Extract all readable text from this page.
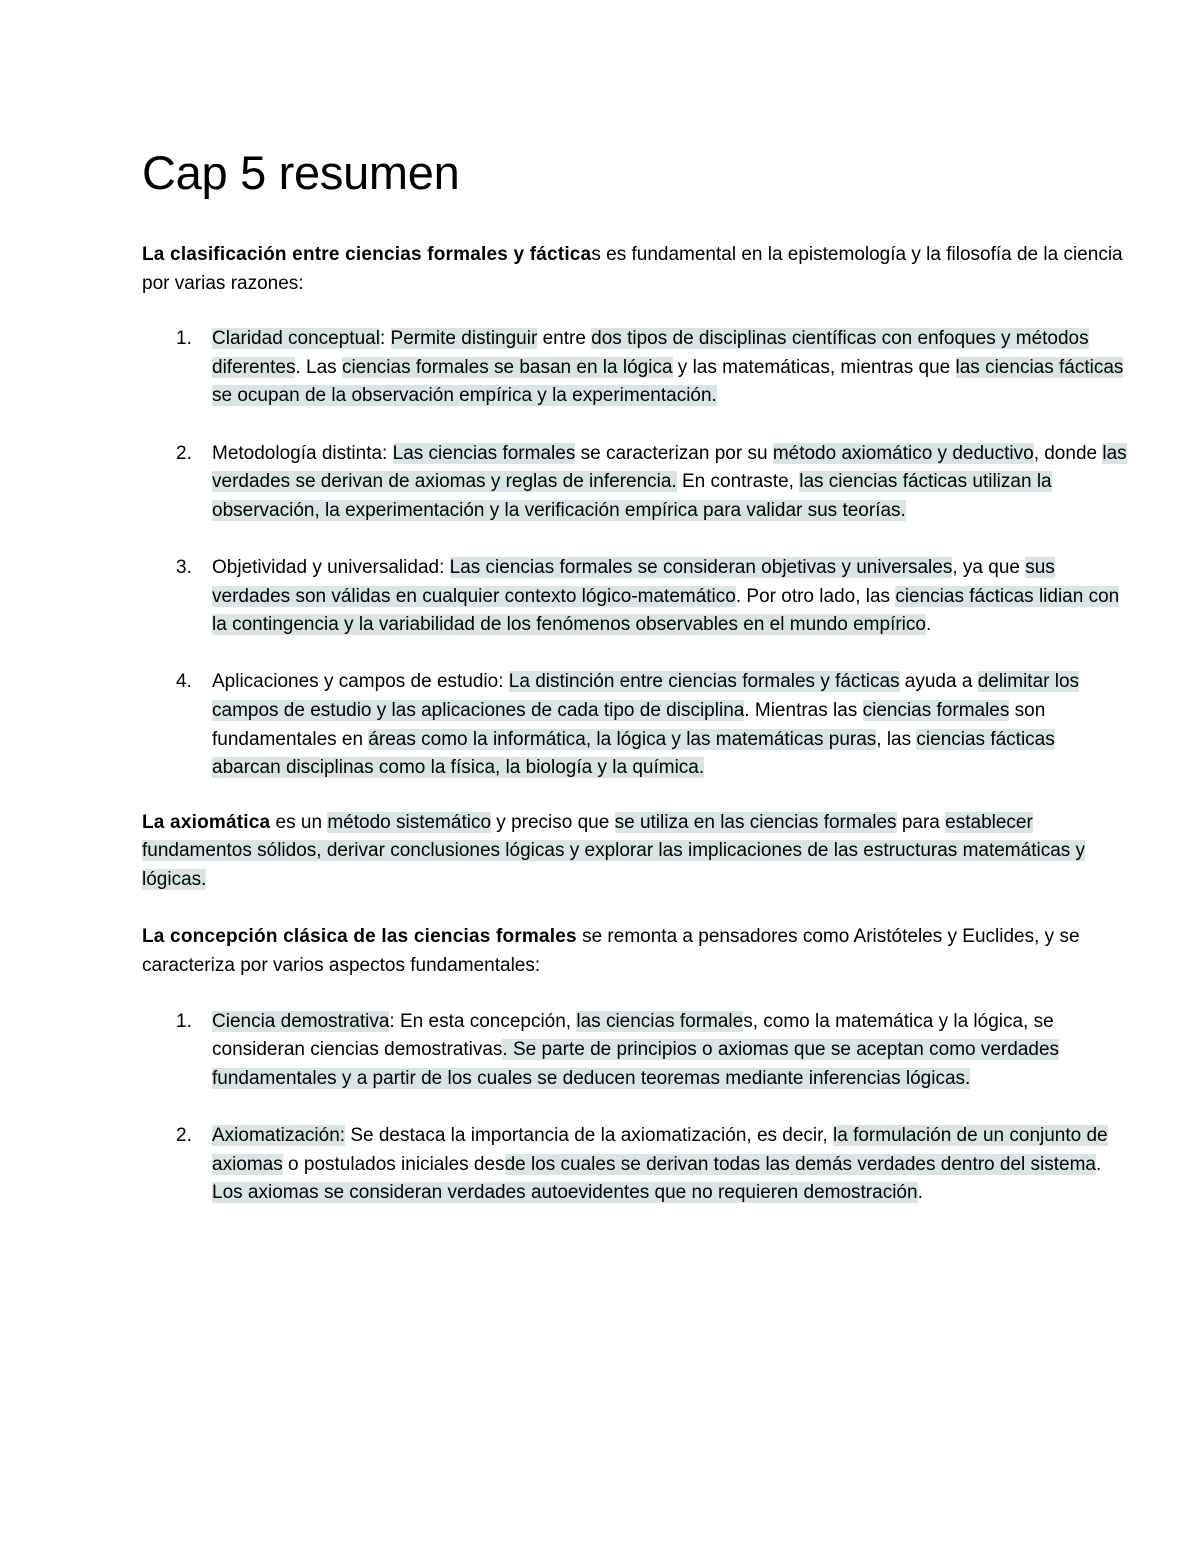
Cap 5 resumen

La clasificación entre ciencias formales y fácticas es fundamental en la epistemología y la filosofía de la ciencia por varias razones:

1. Claridad conceptual: Permite distinguir entre dos tipos de disciplinas científicas con enfoques y métodos diferentes. Las ciencias formales se basan en la lógica y las matemáticas, mientras que las ciencias fácticas se ocupan de la observación empírica y la experimentación.
2. Metodología distinta: Las ciencias formales se caracterizan por su método axiomático y deductivo, donde las verdades se derivan de axiomas y reglas de inferencia. En contraste, las ciencias fácticas utilizan la observación, la experimentación y la verificación empírica para validar sus teorías.
3. Objetividad y universalidad: Las ciencias formales se consideran objetivas y universales, ya que sus verdades son válidas en cualquier contexto lógico-matemático. Por otro lado, las ciencias fácticas lidian con la contingencia y la variabilidad de los fenómenos observables en el mundo empírico.
4. Aplicaciones y campos de estudio: La distinción entre ciencias formales y fácticas ayuda a delimitar los campos de estudio y las aplicaciones de cada tipo de disciplina. Mientras las ciencias formales son fundamentales en áreas como la informática, la lógica y las matemáticas puras, las ciencias fácticas abarcan disciplinas como la física, la biología y la química.

La axiomática es un método sistemático y preciso que se utiliza en las ciencias formales para establecer fundamentos sólidos, derivar conclusiones lógicas y explorar las implicaciones de las estructuras matemáticas y lógicas.

La concepción clásica de las ciencias formales se remonta a pensadores como Aristóteles y Euclides, y se caracteriza por varios aspectos fundamentales:

1. Ciencia demostrativa: En esta concepción, las ciencias formales, como la matemática y la lógica, se consideran ciencias demostrativas. Se parte de principios o axiomas que se aceptan como verdades fundamentales y a partir de los cuales se deducen teoremas mediante inferencias lógicas.
2. Axiomatización: Se destaca la importancia de la axiomatización, es decir, la formulación de un conjunto de axiomas o postulados iniciales desde los cuales se derivan todas las demás verdades dentro del sistema. Los axiomas se consideran verdades autoevidentes que no requieren demostración.
